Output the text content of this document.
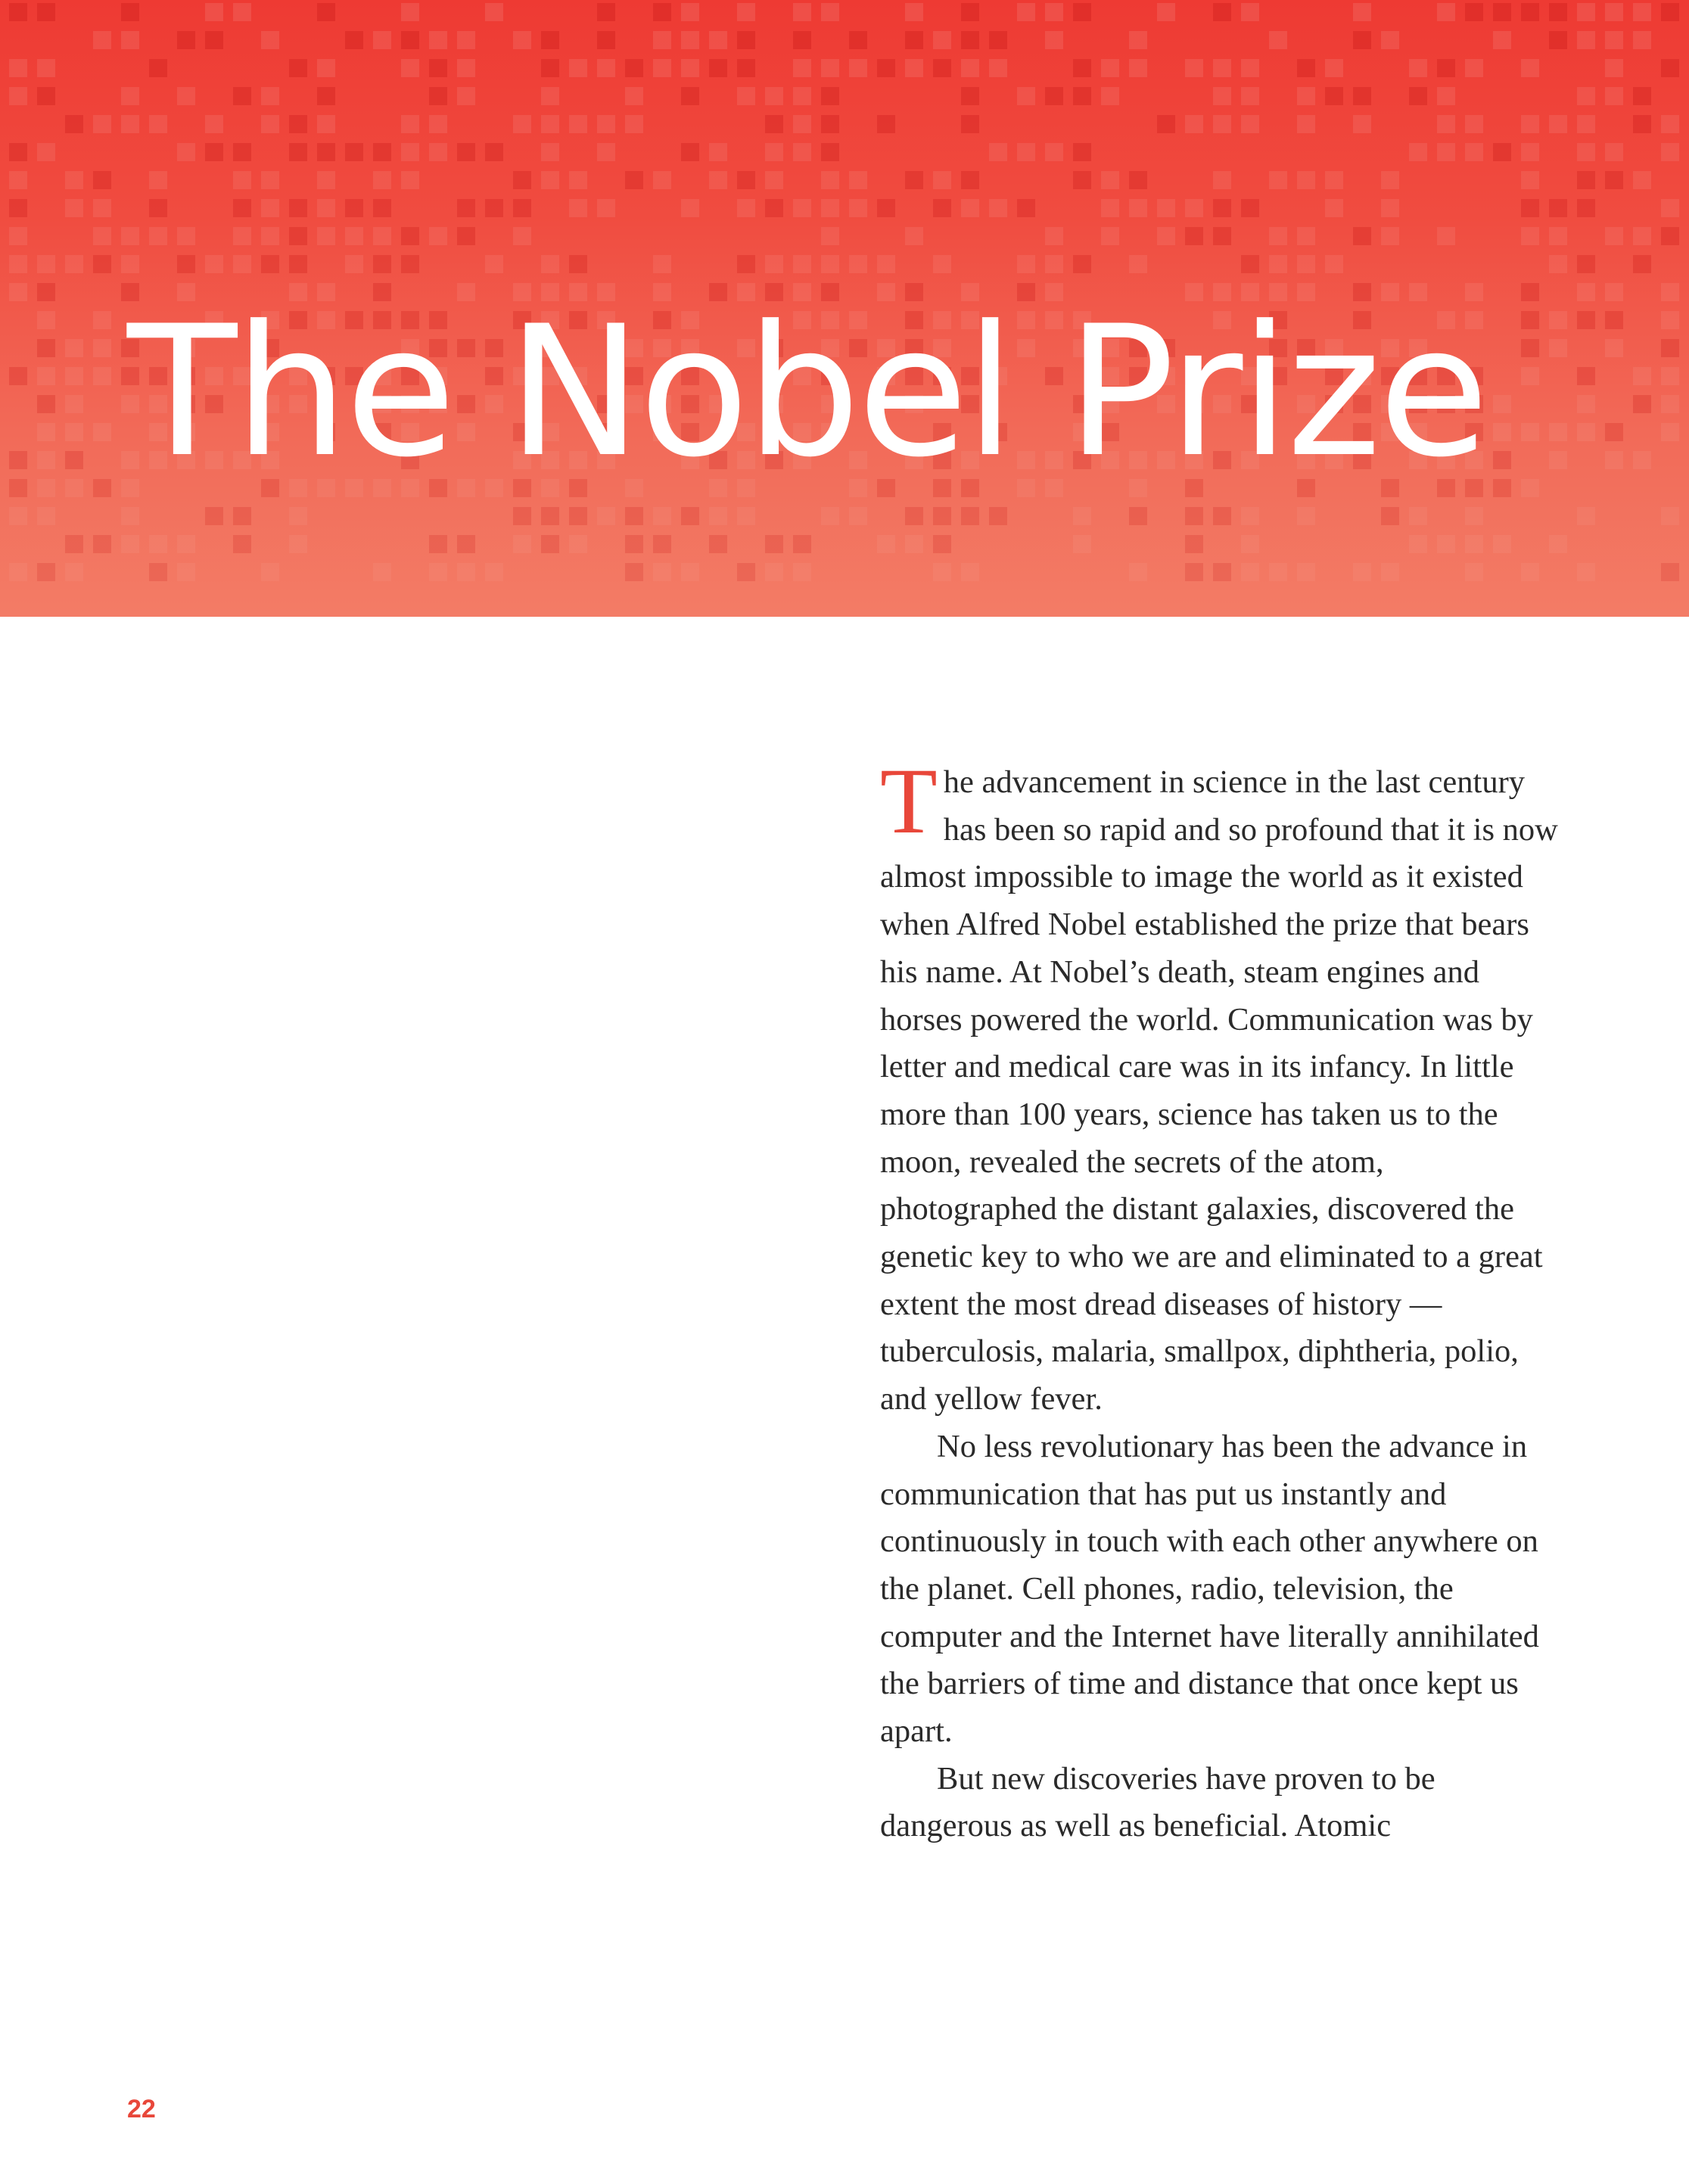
The Nobel Prize

The advancement in science in the last century has been so rapid and so profound that it is now almost impossible to image the world as it existed when Alfred Nobel established the prize that bears his name. At Nobel’s death, steam engines and horses powered the world. Communication was by letter and medical care was in its infancy. In little more than 100 years, science has taken us to the moon, revealed the secrets of the atom, photographed the distant galaxies, discovered the genetic key to who we are and eliminated to a great extent the most dread diseases of history — tuberculosis, malaria, smallpox, diphtheria, polio, and yellow fever.

No less revolutionary has been the advance in communication that has put us instantly and continuously in touch with each other anywhere on the planet. Cell phones, radio, television, the computer and the Internet have literally annihilated the barriers of time and distance that once kept us apart.

But new discoveries have proven to be dangerous as well as beneficial. Atomic

22
